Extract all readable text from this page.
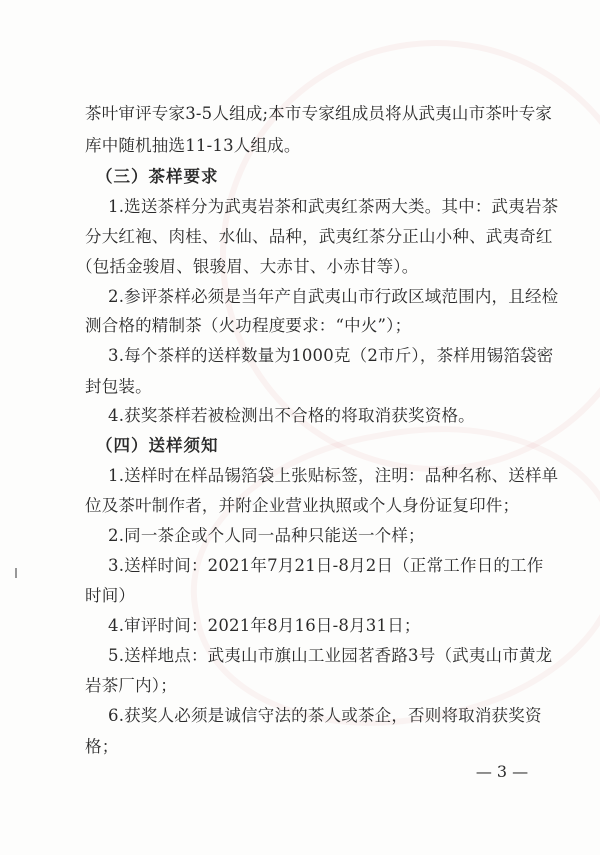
茶叶审评专家3-5人组成;本市专家组成员将从武夷山市茶叶专家
库中随机抽选11-13人组成。
（三）茶样要求
1.选送茶样分为武夷岩茶和武夷红茶两大类。其中：武夷岩茶
分大红袍、肉桂、水仙、品种，武夷红茶分正山小种、武夷奇红
（包括金骏眉、银骏眉、大赤甘、小赤甘等）。
2.参评茶样必须是当年产自武夷山市行政区域范围内，且经检
测合格的精制茶（火功程度要求：“中火”）；
3.每个茶样的送样数量为1000克（2市斤），茶样用锡箔袋密
封包装。
4.获奖茶样若被检测出不合格的将取消获奖资格。
（四）送样须知
1.送样时在样品锡箔袋上张贴标签，注明：品种名称、送样单
位及茶叶制作者，并附企业营业执照或个人身份证复印件；
2.同一茶企或个人同一品种只能送一个样；
3.送样时间：2021年7月21日-8月2日（正常工作日的工作
时间）
4.审评时间：2021年8月16日-8月31日；
5.送样地点：武夷山市旗山工业园茗香路3号（武夷山市黄龙
岩茶厂内）；
6.获奖人必须是诚信守法的茶人或茶企，否则将取消获奖资
格；
— 3 —
